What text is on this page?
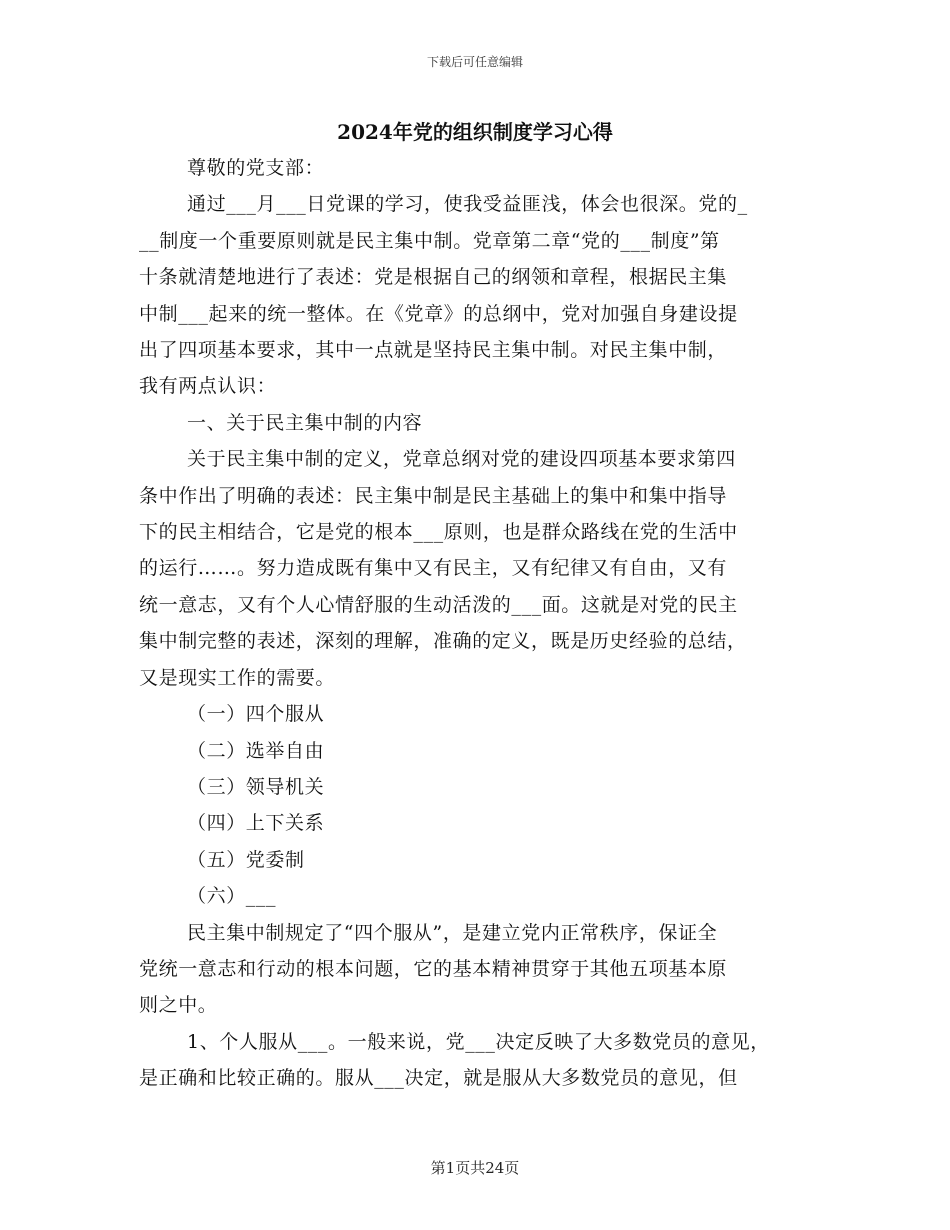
下载后可任意编辑
2024年党的组织制度学习心得
尊敬的党支部：
通过___月___日党课的学习，使我受益匪浅，体会也很深。党的_
__制度一个重要原则就是民主集中制。党章第二章“党的___制度”第
十条就清楚地进行了表述：党是根据自己的纲领和章程，根据民主集
中制___起来的统一整体。在《党章》的总纲中，党对加强自身建设提
出了四项基本要求，其中一点就是坚持民主集中制。对民主集中制，
我有两点认识：
一、关于民主集中制的内容
关于民主集中制的定义，党章总纲对党的建设四项基本要求第四
条中作出了明确的表述：民主集中制是民主基础上的集中和集中指导
下的民主相结合，它是党的根本___原则，也是群众路线在党的生活中
的运行……。努力造成既有集中又有民主，又有纪律又有自由，又有
统一意志，又有个人心情舒服的生动活泼的___面。这就是对党的民主
集中制完整的表述，深刻的理解，准确的定义，既是历史经验的总结，
又是现实工作的需要。
（一）四个服从
（二）选举自由
（三）领导机关
（四）上下关系
（五）党委制
（六）___
民主集中制规定了“四个服从”，是建立党内正常秩序，保证全
党统一意志和行动的根本问题，它的基本精神贯穿于其他五项基本原
则之中。
1、个人服从___。一般来说，党___决定反映了大多数党员的意见，
是正确和比较正确的。服从___决定，就是服从大多数党员的意见，但
第1页共24页
